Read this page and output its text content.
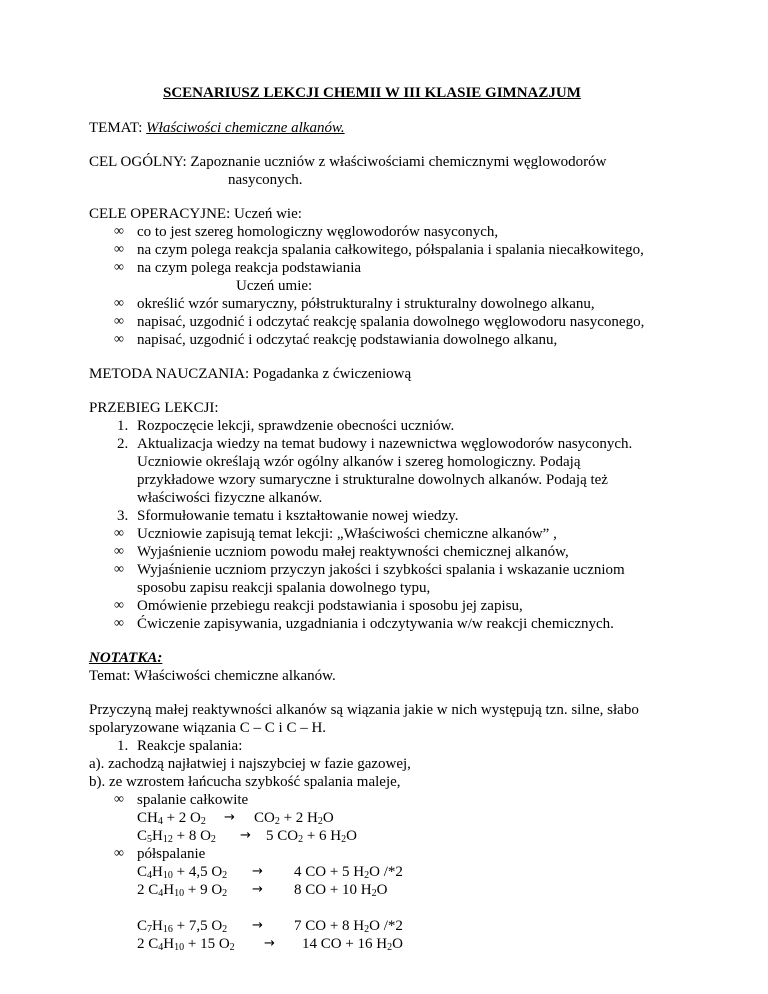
SCENARIUSZ LEKCJI CHEMII W III KLASIE GIMNAZJUM
TEMAT: Właściwości chemiczne alkanów.
CEL OGÓLNY: Zapoznanie uczniów z właściwościami chemicznymi węglowodorów
nasyconych.
CELE OPERACYJNE: Uczeń wie:
∞ co to jest szereg homologiczny węglowodorów nasyconych,
∞ na czym polega reakcja spalania całkowitego, półspalania i spalania niecałkowitego,
∞ na czym polega reakcja podstawiania
Uczeń umie:
∞ określić wzór sumaryczny, półstrukturalny i strukturalny dowolnego alkanu,
∞ napisać, uzgodnić i odczytać reakcję spalania dowolnego węglowodoru nasyconego,
∞ napisać, uzgodnić i odczytać reakcję podstawiania dowolnego alkanu,
METODA NAUCZANIA: Pogadanka z ćwiczeniową
PRZEBIEG LEKCJI:
1. Rozpoczęcie lekcji, sprawdzenie obecności uczniów.
2. Aktualizacja wiedzy na temat budowy i nazewnictwa węglowodorów nasyconych.
Uczniowie określają wzór ogólny alkanów i szereg homologiczny. Podają
przykładowe wzory sumaryczne i strukturalne dowolnych alkanów. Podają też
właściwości fizyczne alkanów.
3. Sformułowanie tematu i kształtowanie nowej wiedzy.
∞ Uczniowie zapisują temat lekcji: „Właściwości chemiczne alkanów” ,
∞ Wyjaśnienie uczniom powodu małej reaktywności chemicznej alkanów,
∞ Wyjaśnienie uczniom przyczyn jakości i szybkości spalania i wskazanie uczniom
sposobu zapisu reakcji spalania dowolnego typu,
∞ Omówienie przebiegu reakcji podstawiania i sposobu jej zapisu,
∞ Ćwiczenie zapisywania, uzgadniania i odczytywania w/w reakcji chemicznych.
NOTATKA:
Temat: Właściwości chemiczne alkanów.
Przyczyną małej reaktywności alkanów są wiązania jakie w nich występują tzn. silne, słabo
spolaryzowane wiązania C – C i C – H.
1. Reakcje spalania:
a). zachodzą najłatwiej i najszybciej w fazie gazowej,
b). ze wzrostem łańcucha szybkość spalania maleje,
∞ spalanie całkowite
$CH_4 + 2$ $O_2 \to CO_2 + 2$ $H_2O$
$C_5H_{12} + 8$ $O_2 \to 5$ $CO_2 + 6$ $H_2O$
∞ półspalanie
$C_4H_{10} + 4,5$ $O_2 \to 4$ CO + 5 $H_2O$ /*2
2 $C_4H_{10} + 9$ $O_2 \to 8$ CO + 10 $H_2O$
$C_7H_{16} + 7,5$ $O_2 \to 7$ CO + 8 $H_2O$ /*2
2 $C_4H_{10} + 15$ $O_2 \to 14$ CO + 16 $H_2O$
